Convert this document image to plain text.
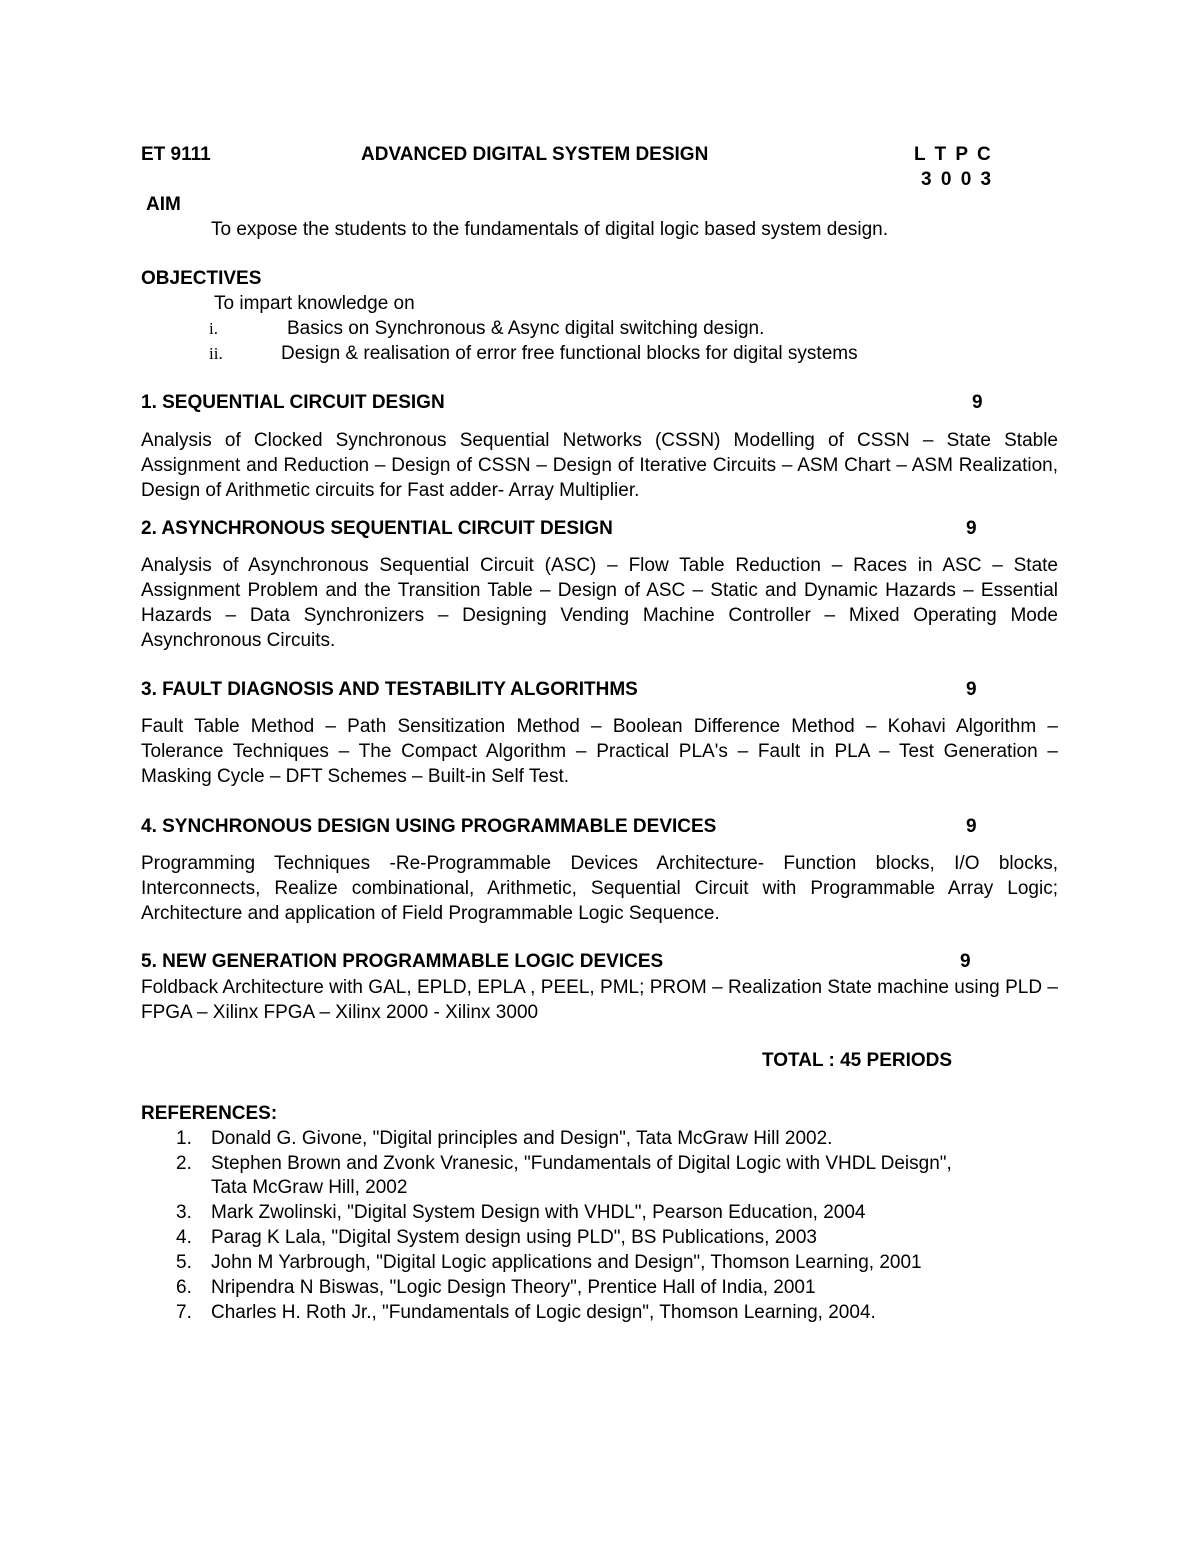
ET 9111	ADVANCED DIGITAL SYSTEM DESIGN	L T P C
3 0 0 3
AIM
To expose the students to the fundamentals of digital logic based system design.
OBJECTIVES
To impart knowledge on
i.	Basics on Synchronous & Async digital switching design.
ii.	Design & realisation of error free functional blocks for digital systems
1. SEQUENTIAL CIRCUIT DESIGN	9
Analysis of Clocked Synchronous Sequential Networks (CSSN) Modelling of CSSN – State Stable Assignment and Reduction – Design of CSSN – Design of Iterative Circuits – ASM Chart – ASM Realization, Design of Arithmetic circuits for Fast adder- Array Multiplier.
2. ASYNCHRONOUS SEQUENTIAL CIRCUIT DESIGN	9
Analysis of Asynchronous Sequential Circuit (ASC) – Flow Table Reduction – Races in ASC – State Assignment Problem and the Transition Table – Design of ASC – Static and Dynamic Hazards – Essential Hazards – Data Synchronizers – Designing Vending Machine Controller – Mixed Operating Mode Asynchronous Circuits.
3. FAULT DIAGNOSIS AND TESTABILITY ALGORITHMS	9
Fault Table Method – Path Sensitization Method – Boolean Difference Method – Kohavi Algorithm – Tolerance Techniques – The Compact Algorithm – Practical PLA's – Fault in PLA – Test Generation – Masking Cycle – DFT Schemes – Built-in Self Test.
4. SYNCHRONOUS DESIGN USING PROGRAMMABLE DEVICES	9
Programming Techniques -Re-Programmable Devices Architecture- Function blocks, I/O blocks, Interconnects, Realize combinational, Arithmetic, Sequential Circuit with Programmable Array Logic; Architecture and application of Field Programmable Logic Sequence.
5. NEW GENERATION PROGRAMMABLE LOGIC DEVICES	9
Foldback Architecture with GAL, EPLD, EPLA , PEEL, PML; PROM – Realization State machine using PLD – FPGA – Xilinx FPGA – Xilinx 2000 - Xilinx 3000
TOTAL : 45 PERIODS
REFERENCES:
1. Donald G. Givone, "Digital principles and Design", Tata McGraw Hill 2002.
2. Stephen Brown and Zvonk Vranesic, "Fundamentals of Digital Logic with VHDL Deisgn",
Tata McGraw Hill, 2002
3. Mark Zwolinski, "Digital System Design with VHDL", Pearson Education, 2004
4. Parag K Lala, "Digital System design using PLD", BS Publications, 2003
5. John M Yarbrough, "Digital Logic applications and Design", Thomson Learning, 2001
6. Nripendra N Biswas, "Logic Design Theory", Prentice Hall of India, 2001
7. Charles H. Roth Jr., "Fundamentals of Logic design", Thomson Learning, 2004.
